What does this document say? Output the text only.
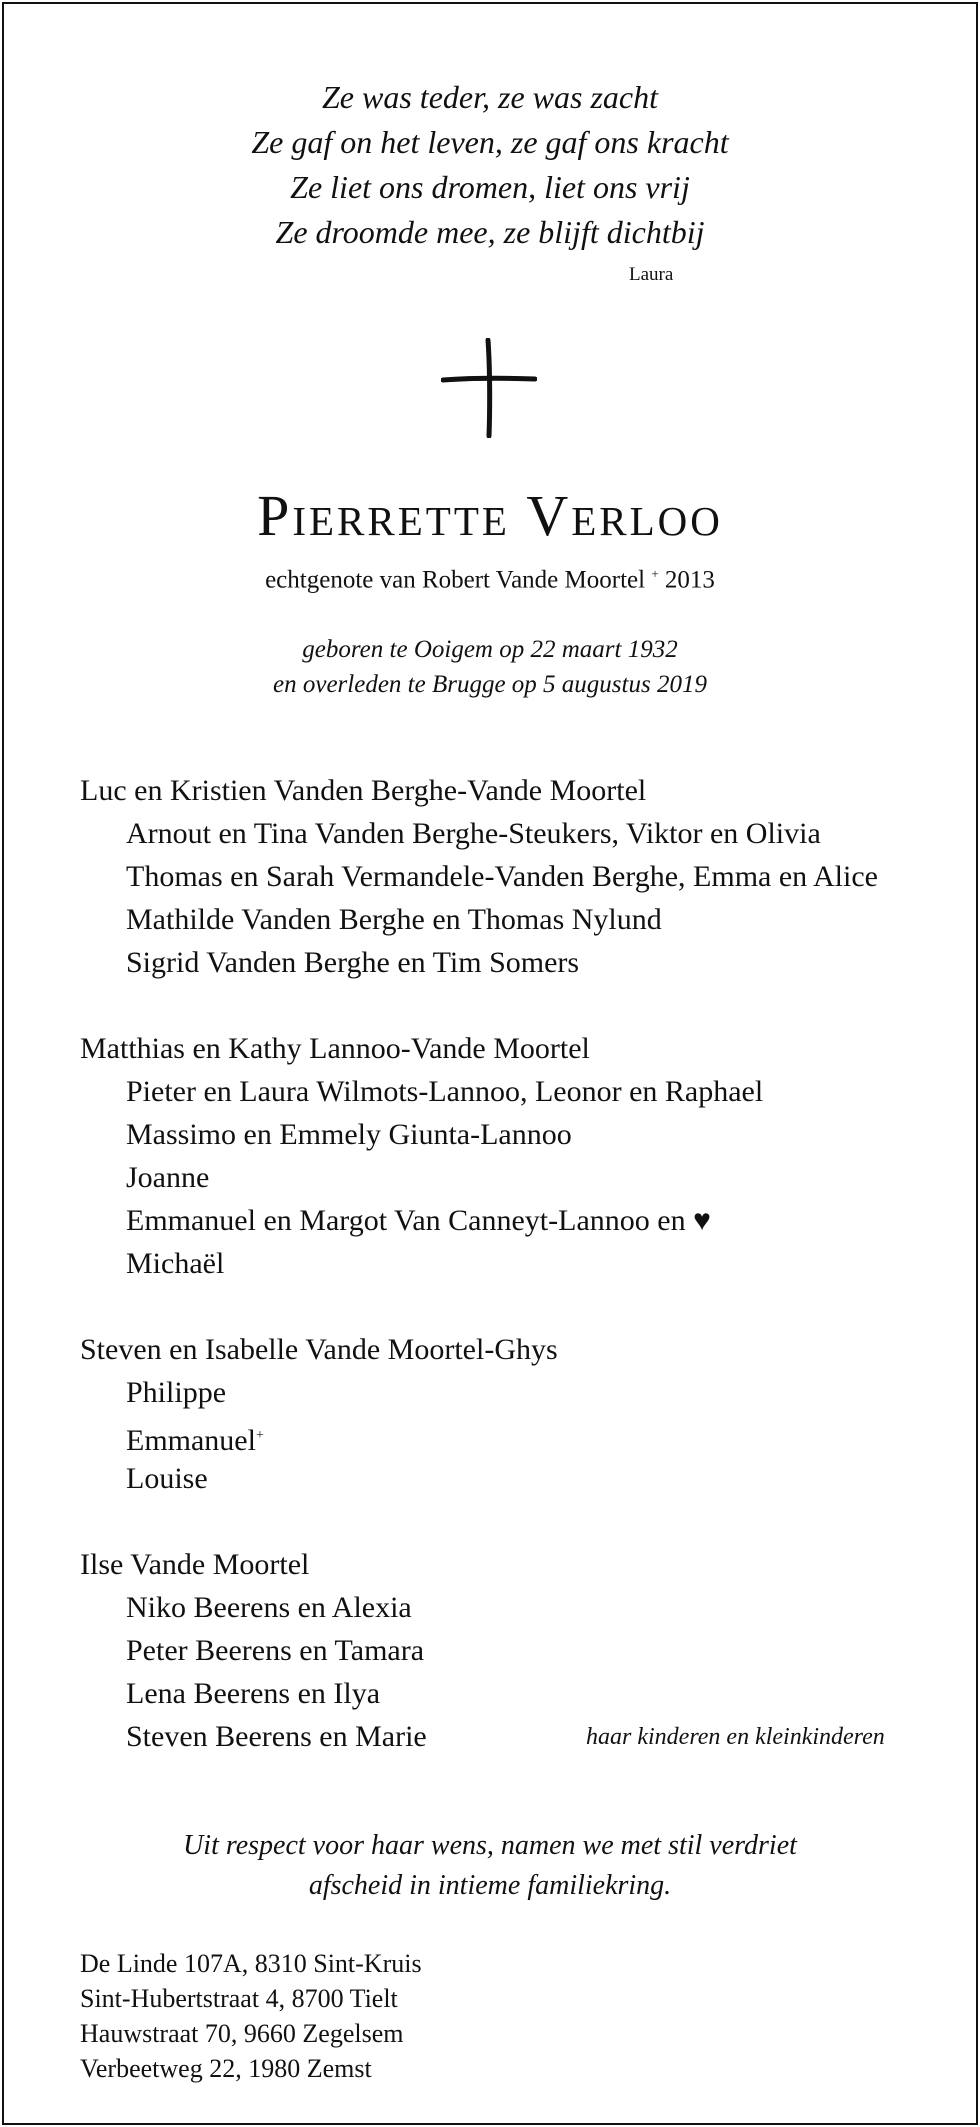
Ze was teder, ze was zacht
Ze gaf on het leven, ze gaf ons kracht
Ze liet ons dromen, liet ons vrij
Ze droomde mee, ze blijft dichtbij
Laura
Pierrette Verloo
echtgenote van Robert Vande Moortel + 2013
geboren te Ooigem op 22 maart 1932
en overleden te Brugge op 5 augustus 2019
Luc en Kristien Vanden Berghe-Vande Moortel
Arnout en Tina Vanden Berghe-Steukers, Viktor en Olivia
Thomas en Sarah Vermandele-Vanden Berghe, Emma en Alice
Mathilde Vanden Berghe en Thomas Nylund
Sigrid Vanden Berghe en Tim Somers
Matthias en Kathy Lannoo-Vande Moortel
Pieter en Laura Wilmots-Lannoo, Leonor en Raphael
Massimo en Emmely Giunta-Lannoo
Joanne
Emmanuel en Margot Van Canneyt-Lannoo en ♥
Michaël
Steven en Isabelle Vande Moortel-Ghys
Philippe
Emmanuel+
Louise
Ilse Vande Moortel
Niko Beerens en Alexia
Peter Beerens en Tamara
Lena Beerens en Ilya
Steven Beerens en Marie	haar kinderen en kleinkinderen
Uit respect voor haar wens, namen we met stil verdriet
afscheid in intieme familiekring.
De Linde 107A, 8310 Sint-Kruis
Sint-Hubertstraat 4, 8700 Tielt
Hauwstraat 70, 9660 Zegelsem
Verbeetweg 22, 1980 Zemst
